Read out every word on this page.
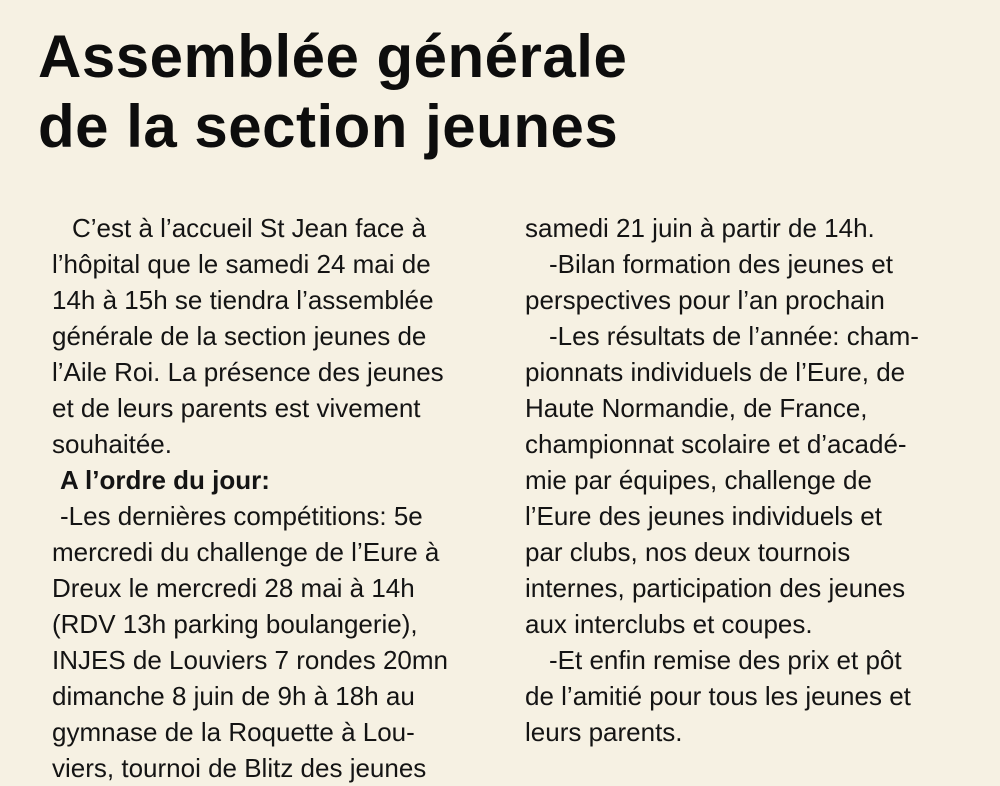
Assemblée générale
de la section jeunes
C’est à l’accueil St Jean face à
l’hôpital que le samedi 24 mai de
14h à 15h se tiendra l’assemblée
générale de la section jeunes de
l’Aile Roi. La présence des jeunes
et de leurs parents est vivement
souhaitée.
A l’ordre du jour:
-Les dernières compétitions: 5e
mercredi du challenge de l’Eure à
Dreux le mercredi 28 mai à 14h
(RDV 13h parking boulangerie),
INJES de Louviers 7 rondes 20mn
dimanche 8 juin de 9h à 18h au
gymnase de la Roquette à Lou-
viers, tournoi de Blitz des jeunes
samedi 21 juin à partir de 14h.
-Bilan formation des jeunes et
perspectives pour l’an prochain
-Les résultats de l’année: cham-
pionnats individuels de l’Eure, de
Haute Normandie, de France,
championnat scolaire et d’acadé-
mie par équipes, challenge de
l’Eure des jeunes individuels et
par clubs, nos deux tournois
internes, participation des jeunes
aux interclubs et coupes.
-Et enfin remise des prix et pôt
de l’amitié pour tous les jeunes et
leurs parents.
